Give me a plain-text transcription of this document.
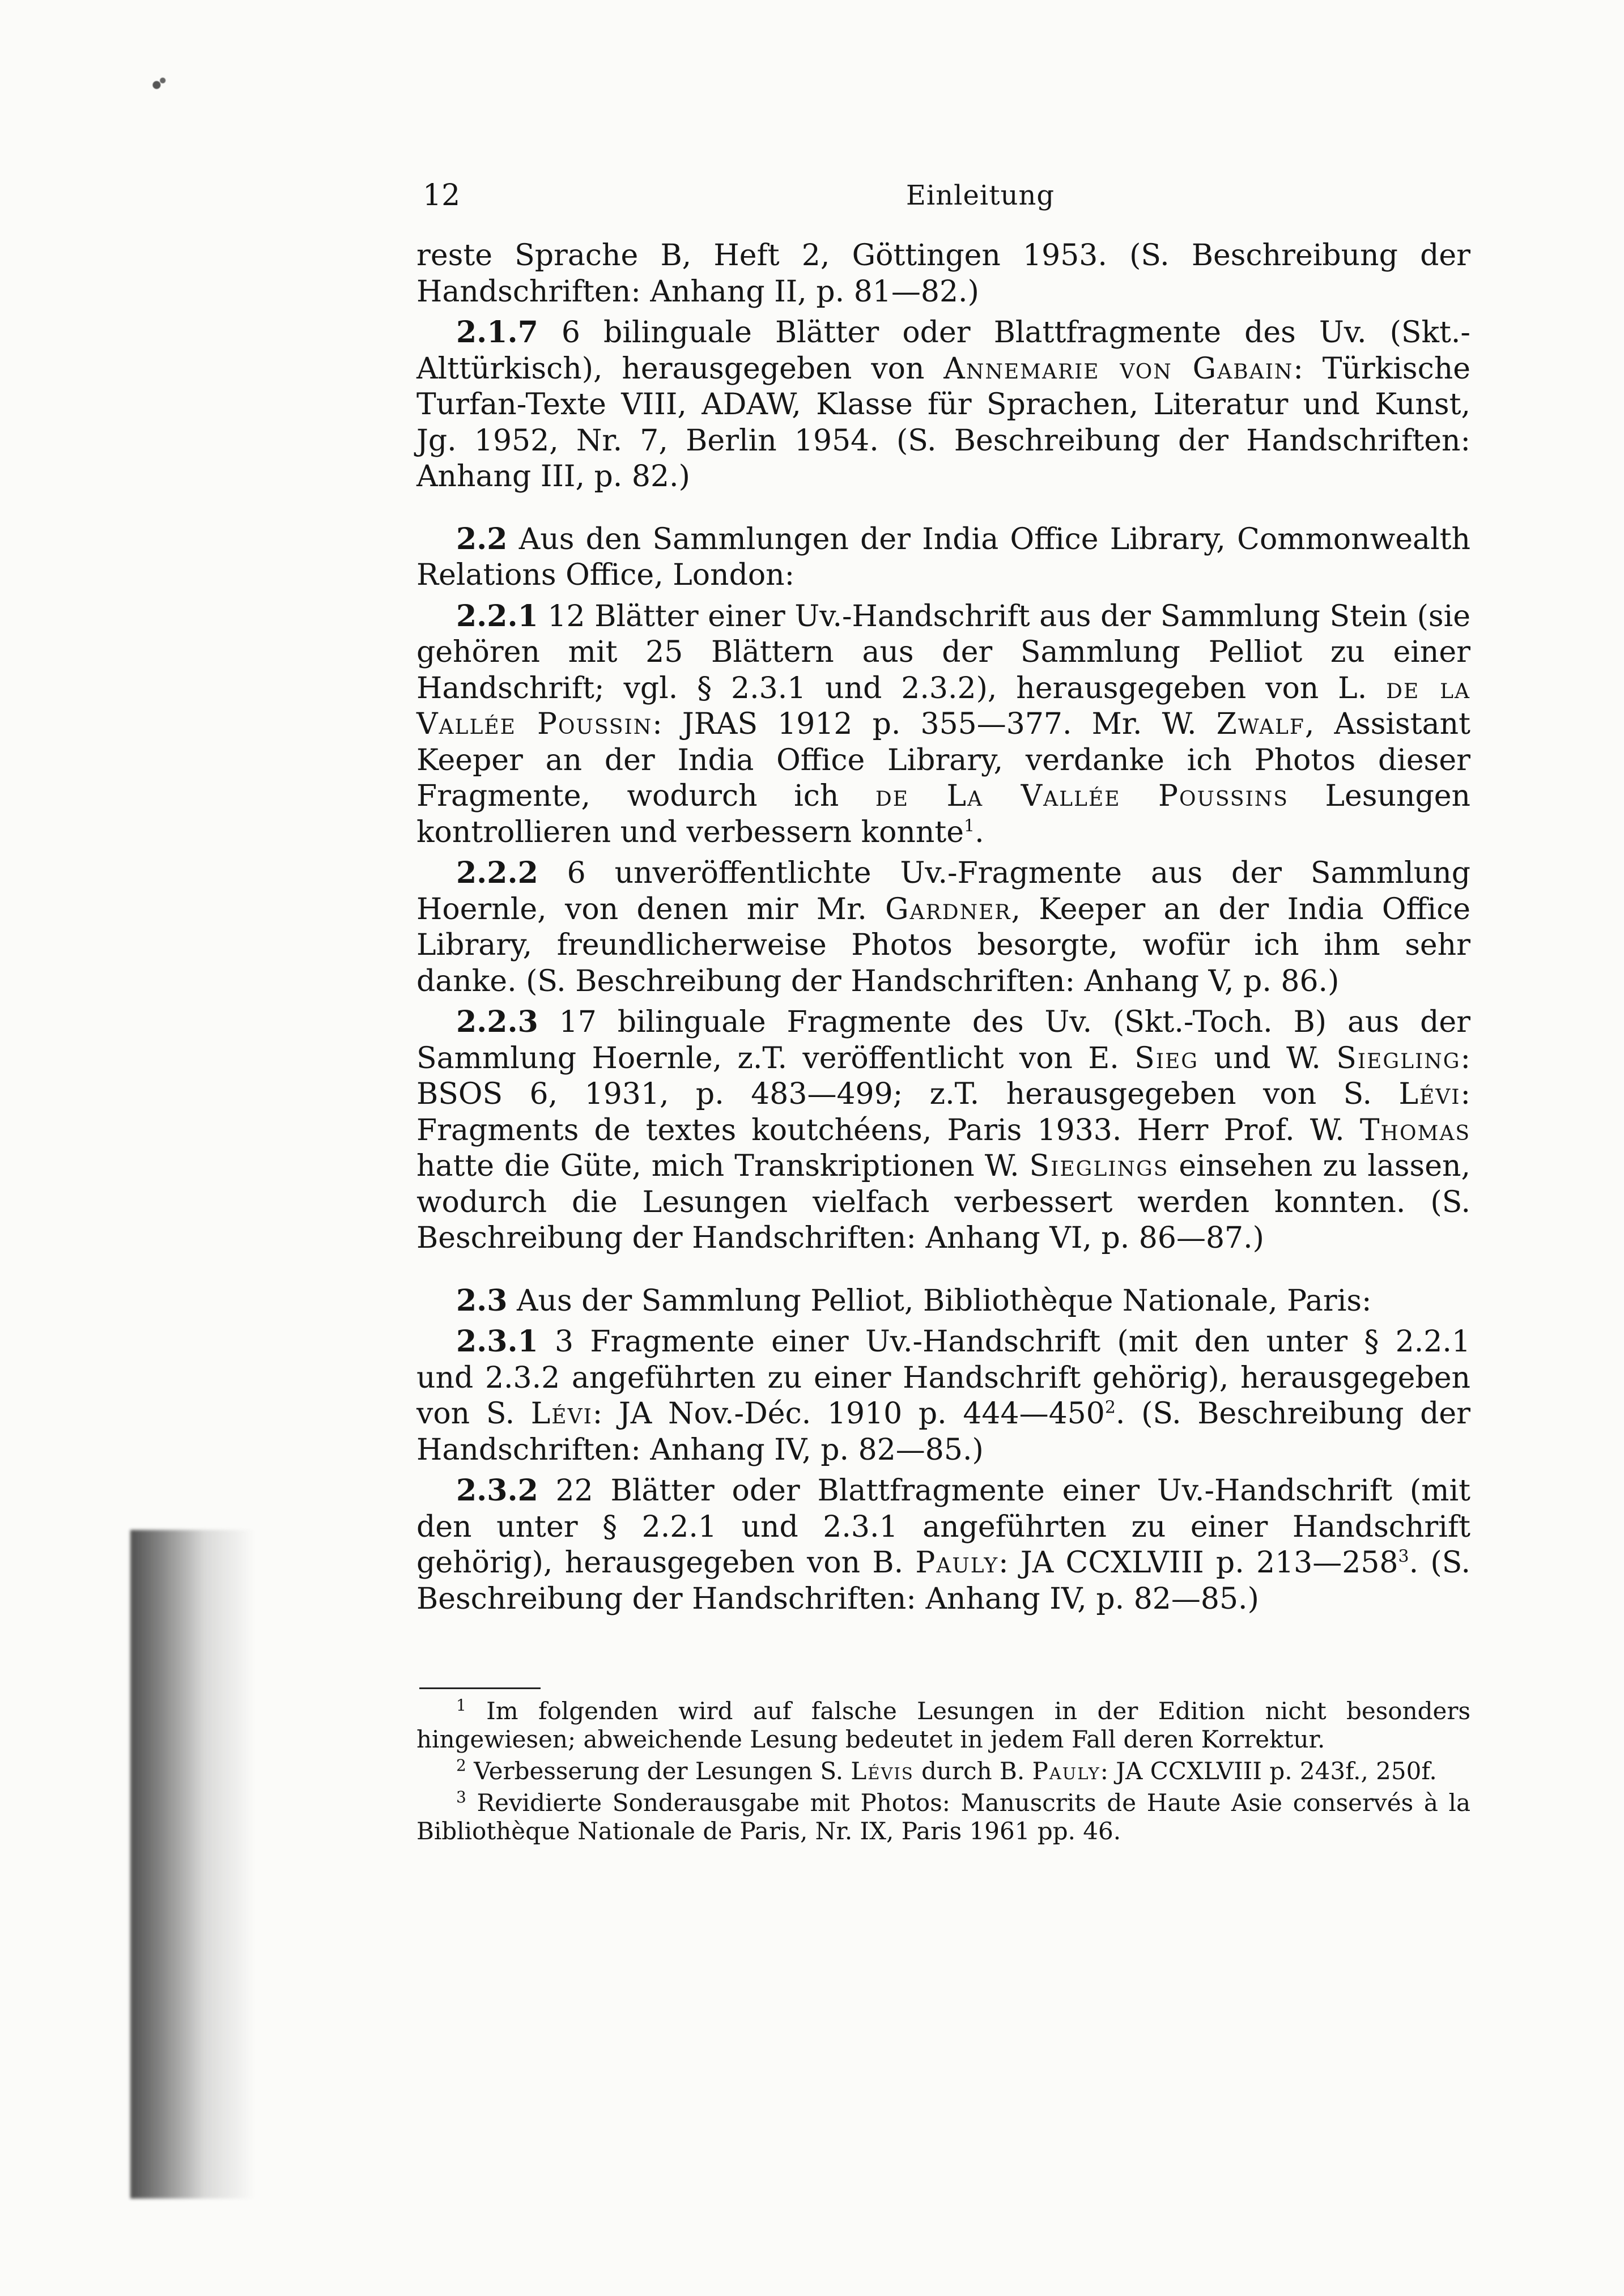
12	Einleitung

reste Sprache B, Heft 2, Göttingen 1953. (S. Beschreibung der Handschriften: Anhang II, p. 81—82.)

2.1.7 6 bilinguale Blätter oder Blattfragmente des Uv. (Skt.-Alttürkisch), herausgegeben von Annemarie von Gabain: Türkische Turfan-Texte VIII, ADAW, Klasse für Sprachen, Literatur und Kunst, Jg. 1952, Nr. 7, Berlin 1954. (S. Beschreibung der Handschriften: Anhang III, p. 82.)

2.2 Aus den Sammlungen der India Office Library, Commonwealth Relations Office, London:

2.2.1 12 Blätter einer Uv.-Handschrift aus der Sammlung Stein (sie gehören mit 25 Blättern aus der Sammlung Pelliot zu einer Handschrift; vgl. § 2.3.1 und 2.3.2), herausgegeben von L. de la Vallée Poussin: JRAS 1912 p. 355—377. Mr. W. Zwalf, Assistant Keeper an der India Office Library, verdanke ich Photos dieser Fragmente, wodurch ich de La Vallée Poussins Lesungen kontrollieren und verbessern konnte$^1$.

2.2.2 6 unveröffentlichte Uv.-Fragmente aus der Sammlung Hoernle, von denen mir Mr. Gardner, Keeper an der India Office Library, freundlicherweise Photos besorgte, wofür ich ihm sehr danke. (S. Beschreibung der Handschriften: Anhang V, p. 86.)

2.2.3 17 bilinguale Fragmente des Uv. (Skt.-Toch. B) aus der Sammlung Hoernle, z.T. veröffentlicht von E. Sieg und W. Siegling: BSOS 6, 1931, p. 483—499; z.T. herausgegeben von S. Lévi: Fragments de textes koutchéens, Paris 1933. Herr Prof. W. Thomas hatte die Güte, mich Transkriptionen W. Sieglings einsehen zu lassen, wodurch die Lesungen vielfach verbessert werden konnten. (S. Beschreibung der Handschriften: Anhang VI, p. 86—87.)

2.3 Aus der Sammlung Pelliot, Bibliothèque Nationale, Paris:

2.3.1 3 Fragmente einer Uv.-Handschrift (mit den unter § 2.2.1 und 2.3.2 angeführten zu einer Handschrift gehörig), herausgegeben von S. Lévi: JA Nov.-Déc. 1910 p. $444—450^2$. (S. Beschreibung der Handschriften: Anhang IV, p. 82—85.)

2.3.2 22 Blätter oder Blattfragmente einer Uv.-Handschrift (mit den unter § 2.2.1 und 2.3.1 angeführten zu einer Handschrift gehörig), herausgegeben von B. Pauly: JA CCXLVIII p. $213—258^3$. (S. Beschreibung der Handschriften: Anhang IV, p. 82—85.)

$^1$ Im folgenden wird auf falsche Lesungen in der Edition nicht besonders hingewiesen; abweichende Lesung bedeutet in jedem Fall deren Korrektur.

$^2$ Verbesserung der Lesungen S. Lévis durch B. Pauly: JA CCXLVIII p. 243f., 250f.

$^3$ Revidierte Sonderausgabe mit Photos: Manuscrits de Haute Asie conservés à la Bibliothèque Nationale de Paris, Nr. IX, Paris 1961 pp. 46.
